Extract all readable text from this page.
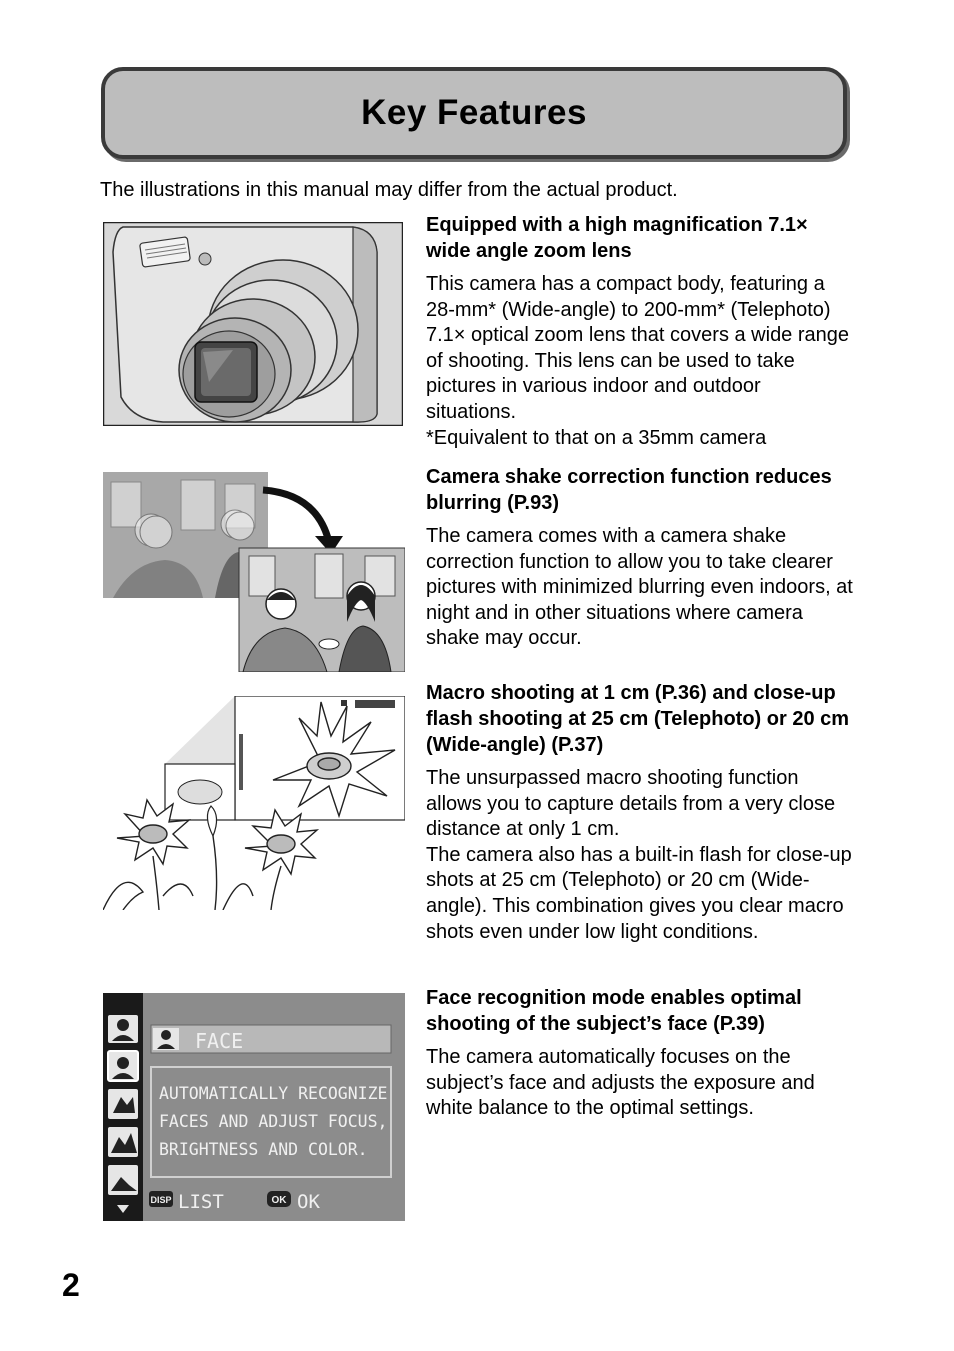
Key Features

The illustrations in this manual may differ from the actual product.

Equipped with a high magnification 7.1× wide angle zoom lens

This camera has a compact body, featuring a 28-mm* (Wide-angle) to 200-mm* (Telephoto) 7.1× optical zoom lens that covers a wide range of shooting. This lens can be used to take pictures in various indoor and outdoor situations.
*Equivalent to that on a 35mm camera

Camera shake correction function reduces blurring (P.93)

The camera comes with a camera shake correction function to allow you to take clearer pictures with minimized blurring even indoors, at night and in other situations where camera shake may occur.

Macro shooting at 1 cm (P.36) and close-up flash shooting at 25 cm (Telephoto) or 20 cm (Wide-angle) (P.37)

The unsurpassed macro shooting function allows you to capture details from a very close distance at only 1 cm.
The camera also has a built-in flash for close-up shots at 25 cm (Telephoto) or 20 cm (Wide-angle). This combination gives you clear macro shots even under low light conditions.

FACE
AUTOMATICALLY RECOGNIZE
FACES AND ADJUST FOCUS,
BRIGHTNESS AND COLOR.
DISP LIST	OK OK
Face recognition mode enables optimal shooting of the subject’s face (P.39)

The camera automatically focuses on the subject’s face and adjusts the exposure and white balance to the optimal settings.

2
